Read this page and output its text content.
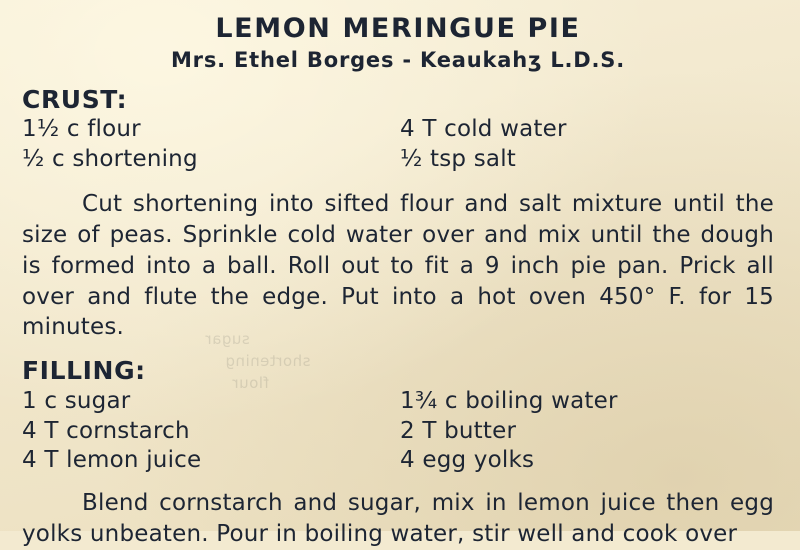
sugar
shortening
flour
LEMON MERINGUE PIE
Mrs. Ethel Borges - Keaukahʒ L.D.S.
CRUST:
1½ c flour
½ c shortening
4 T cold water
½ tsp salt
Cut shortening into sifted flour and salt mixture until the size of peas. Sprinkle cold water over and mix until the dough is formed into a ball. Roll out to fit a 9 inch pie pan. Prick all over and flute the edge. Put into a hot oven 450° F. for 15 minutes.
FILLING:
1 c sugar
4 T cornstarch
4 T lemon juice
1¾ c boiling water
2 T butter
4 egg yolks
Blend cornstarch and sugar, mix in lemon juice then egg yolks unbeaten. Pour in boiling water, stir well and cook over
